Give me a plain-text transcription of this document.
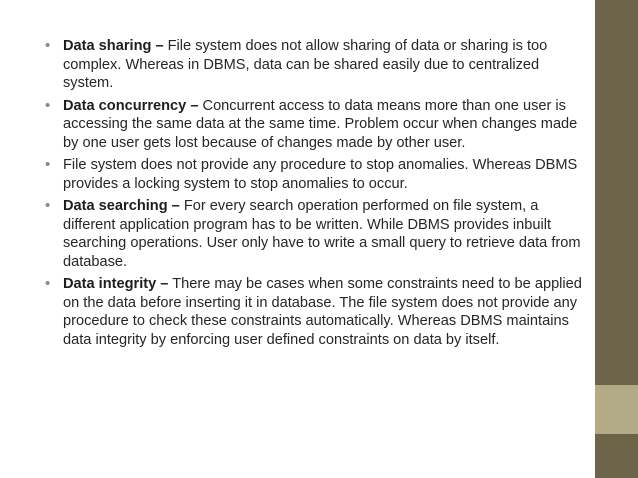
• Data sharing – File system does not allow sharing of data or sharing is too complex. Whereas in DBMS, data can be shared easily due to centralized system.
• Data concurrency – Concurrent access to data means more than one user is accessing the same data at the same time. Problem occur when changes made by one user gets lost because of changes made by other user.
• File system does not provide any procedure to stop anomalies. Whereas DBMS provides a locking system to stop anomalies to occur.
• Data searching – For every search operation performed on file system, a different application program has to be written. While DBMS provides inbuilt searching operations. User only have to write a small query to retrieve data from database.
• Data integrity – There may be cases when some constraints need to be applied on the data before inserting it in database. The file system does not provide any procedure to check these constraints automatically. Whereas DBMS maintains data integrity by enforcing user defined constraints on data by itself.
